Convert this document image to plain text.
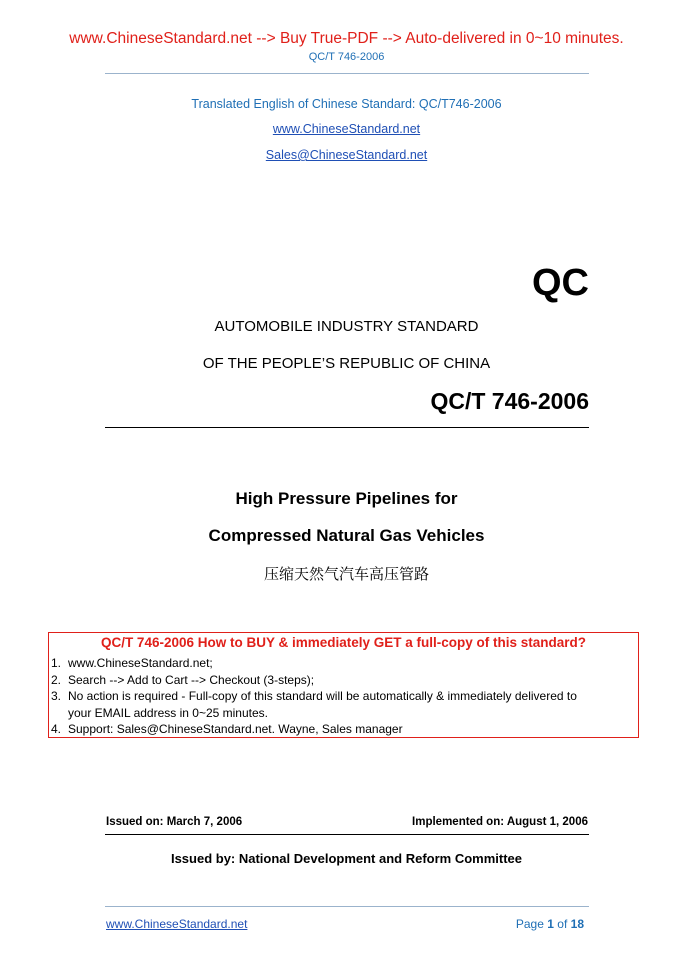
www.ChineseStandard.net --> Buy True-PDF --> Auto-delivered in 0~10 minutes.
QC/T 746-2006
Translated English of Chinese Standard: QC/T746-2006
www.ChineseStandard.net
Sales@ChineseStandard.net
QC
AUTOMOBILE INDUSTRY STANDARD
OF THE PEOPLE’S REPUBLIC OF CHINA
QC/T 746-2006
High Pressure Pipelines for
Compressed Natural Gas Vehicles
压缩天然气汽车高压管路
QC/T 746-2006 How to BUY & immediately GET a full-copy of this standard?
1. www.ChineseStandard.net;
2. Search --> Add to Cart --> Checkout (3-steps);
3. No action is required - Full-copy of this standard will be automatically & immediately delivered to
your EMAIL address in 0~25 minutes.
4. Support: Sales@ChineseStandard.net. Wayne, Sales manager
Issued on: March 7, 2006	Implemented on: August 1, 2006
Issued by: National Development and Reform Committee
www.ChineseStandard.net	Page 1 of 18
